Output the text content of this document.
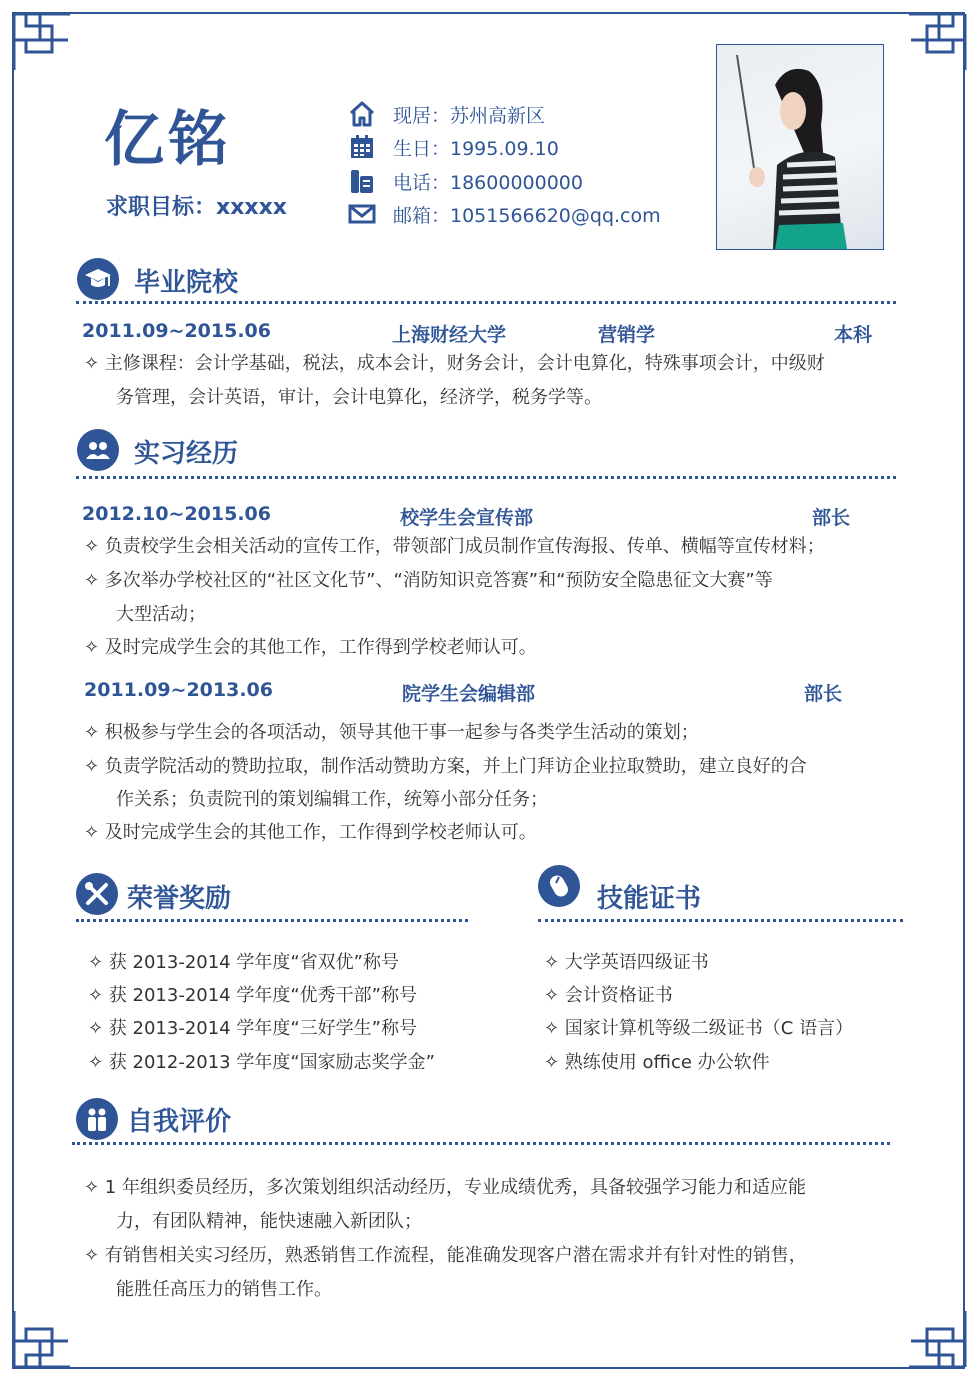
亿铭
求职目标：xxxxx
现居：苏州高新区
生日：1995.09.10
电话：18600000000
邮箱：1051566620@qq.com
毕业院校
2011.09~2015.06	上海财经大学	营销学	本科
✧ 主修课程：会计学基础，税法，成本会计，财务会计，会计电算化，特殊事项会计，中级财
务管理，会计英语，审计，会计电算化，经济学，税务学等。
实习经历
2012.10~2015.06	校学生会宣传部	部长
✧ 负责校学生会相关活动的宣传工作，带领部门成员制作宣传海报、传单、横幅等宣传材料；
✧ 多次举办学校社区的“社区文化节”、“消防知识竞答赛”和“预防安全隐患征文大赛”等
大型活动；
✧ 及时完成学生会的其他工作，工作得到学校老师认可。
2011.09~2013.06	院学生会编辑部	部长
✧ 积极参与学生会的各项活动，领导其他干事一起参与各类学生活动的策划；
✧ 负责学院活动的赞助拉取，制作活动赞助方案，并上门拜访企业拉取赞助，建立良好的合
作关系；负责院刊的策划编辑工作，统筹小部分任务；
✧ 及时完成学生会的其他工作，工作得到学校老师认可。
荣誉奖励
✧ 获 2013-2014 学年度“省双优”称号
✧ 获 2013-2014 学年度“优秀干部”称号
✧ 获 2013-2014 学年度“三好学生”称号
✧ 获 2012-2013 学年度“国家励志奖学金”
技能证书
✧ 大学英语四级证书
✧ 会计资格证书
✧ 国家计算机等级二级证书（C 语言）
✧ 熟练使用 office 办公软件
自我评价
✧ 1 年组织委员经历，多次策划组织活动经历，专业成绩优秀，具备较强学习能力和适应能
力，有团队精神，能快速融入新团队；
✧ 有销售相关实习经历，熟悉销售工作流程，能准确发现客户潜在需求并有针对性的销售，
能胜任高压力的销售工作。
